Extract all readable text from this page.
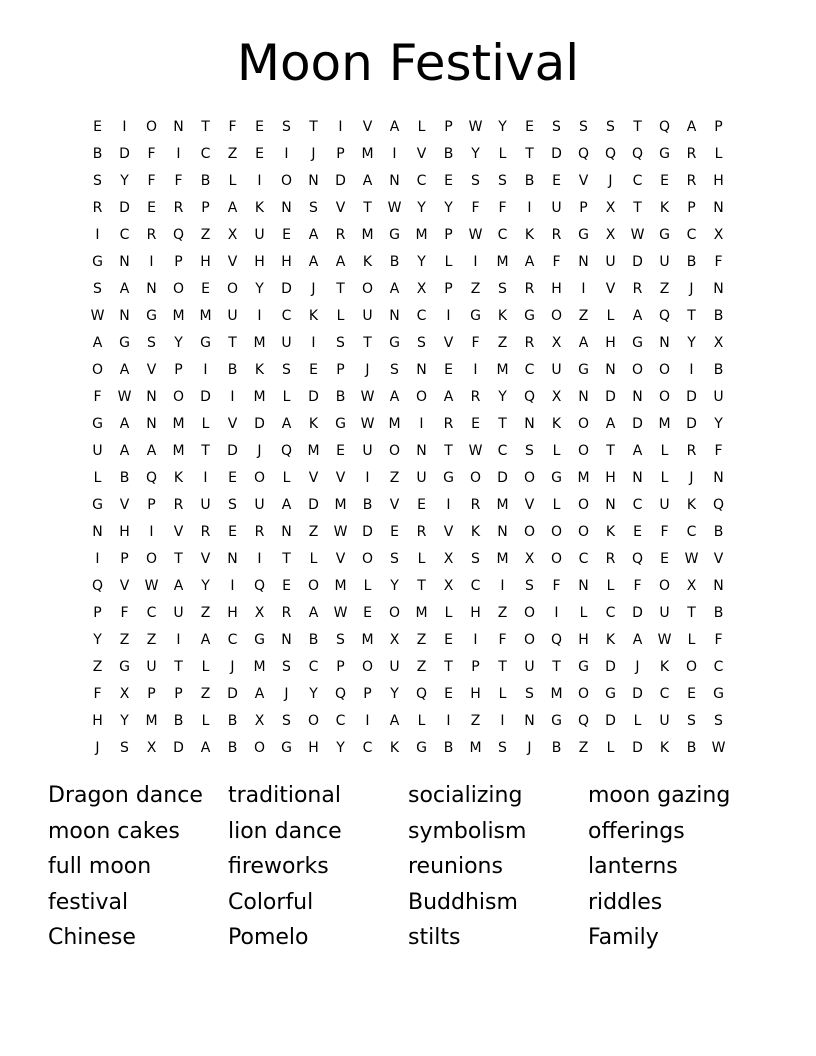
Moon Festival
E	I	O	N	T	F	E	S	T	I	V	A	L	P	W	Y	E	S	S	S	T	Q	A	P
B	D	F	I	C	Z	E	I	J	P	M	I	V	B	Y	L	T	D	Q	Q	Q	G	R	L
S	Y	F	F	B	L	I	O	N	D	A	N	C	E	S	S	B	E	V	J	C	E	R	H
R	D	E	R	P	A	K	N	S	V	T	W	Y	Y	F	F	I	U	P	X	T	K	P	N
I	C	R	Q	Z	X	U	E	A	R	M	G	M	P	W	C	K	R	G	X	W	G	C	X
G	N	I	P	H	V	H	H	A	A	K	B	Y	L	I	M	A	F	N	U	D	U	B	F
S	A	N	O	E	O	Y	D	J	T	O	A	X	P	Z	S	R	H	I	V	R	Z	J	N
W	N	G	M	M	U	I	C	K	L	U	N	C	I	G	K	G	O	Z	L	A	Q	T	B
A	G	S	Y	G	T	M	U	I	S	T	G	S	V	F	Z	R	X	A	H	G	N	Y	X
O	A	V	P	I	B	K	S	E	P	J	S	N	E	I	M	C	U	G	N	O	O	I	B
F	W	N	O	D	I	M	L	D	B	W	A	O	A	R	Y	Q	X	N	D	N	O	D	U
G	A	N	M	L	V	D	A	K	G	W	M	I	R	E	T	N	K	O	A	D	M	D	Y
U	A	A	M	T	D	J	Q	M	E	U	O	N	T	W	C	S	L	O	T	A	L	R	F
L	B	Q	K	I	E	O	L	V	V	I	Z	U	G	O	D	O	G	M	H	N	L	J	N
G	V	P	R	U	S	U	A	D	M	B	V	E	I	R	M	V	L	O	N	C	U	K	Q
N	H	I	V	R	E	R	N	Z	W	D	E	R	V	K	N	O	O	O	K	E	F	C	B
I	P	O	T	V	N	I	T	L	V	O	S	L	X	S	M	X	O	C	R	Q	E	W	V
Q	V	W	A	Y	I	Q	E	O	M	L	Y	T	X	C	I	S	F	N	L	F	O	X	N
P	F	C	U	Z	H	X	R	A	W	E	O	M	L	H	Z	O	I	L	C	D	U	T	B
Y	Z	Z	I	A	C	G	N	B	S	M	X	Z	E	I	F	O	Q	H	K	A	W	L	F
Z	G	U	T	L	J	M	S	C	P	O	U	Z	T	P	T	U	T	G	D	J	K	O	C
F	X	P	P	Z	D	A	J	Y	Q	P	Y	Q	E	H	L	S	M	O	G	D	C	E	G
H	Y	M	B	L	B	X	S	O	C	I	A	L	I	Z	I	N	G	Q	D	L	U	S	S
J	S	X	D	A	B	O	G	H	Y	C	K	G	B	M	S	J	B	Z	L	D	K	B	W
Dragon dance	traditional	socializing	moon gazing
moon cakes	lion dance	symbolism	offerings
full moon	fireworks	reunions	lanterns
festival	Colorful	Buddhism	riddles
Chinese	Pomelo	stilts	Family
